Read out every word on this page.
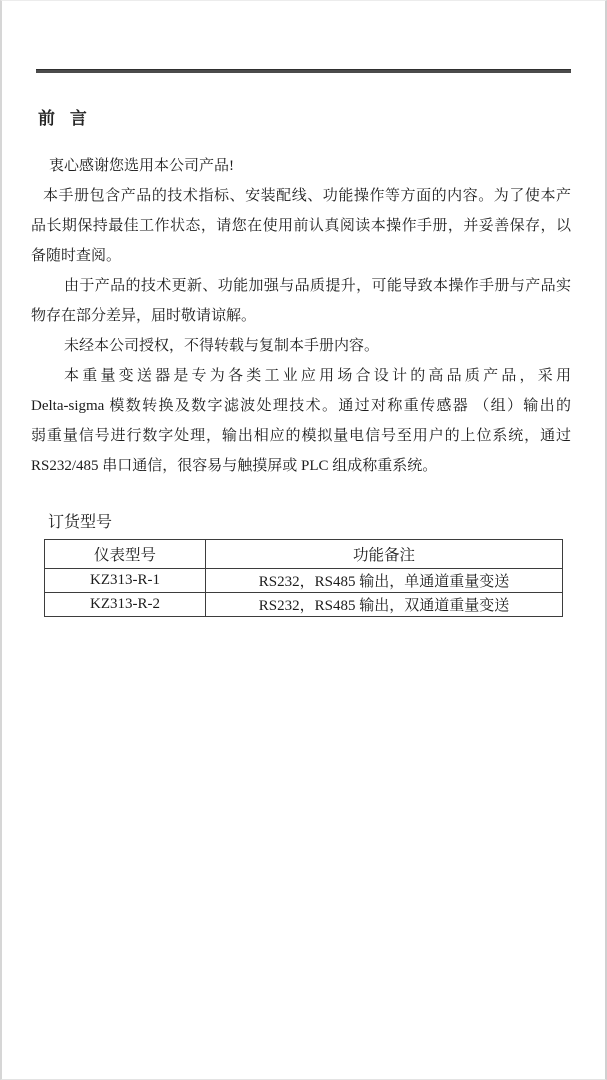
前 言
衷心感谢您选用本公司产品!
本手册包含产品的技术指标、安装配线、功能操作等方面的内容。为了使本产
品长期保持最佳工作状态，请您在使用前认真阅读本操作手册，并妥善保存，以
备随时查阅。
由于产品的技术更新、功能加强与品质提升，可能导致本操作手册与产品实
物存在部分差异，届时敬请谅解。
未经本公司授权，不得转载与复制本手册内容。
本重量变送器是专为各类工业应用场合设计的高品质产品，采用
Delta-sigma 模数转换及数字滤波处理技术。通过对称重传感器 （组）输出的
弱重量信号进行数字处理，输出相应的模拟量电信号至用户的上位系统，通过
RS232/485 串口通信，很容易与触摸屏或 PLC 组成称重系统。
订货型号
仪表型号	功能备注
KZ313-R-1	RS232，RS485 输出，单通道重量变送
KZ313-R-2	RS232，RS485 输出，双通道重量变送
